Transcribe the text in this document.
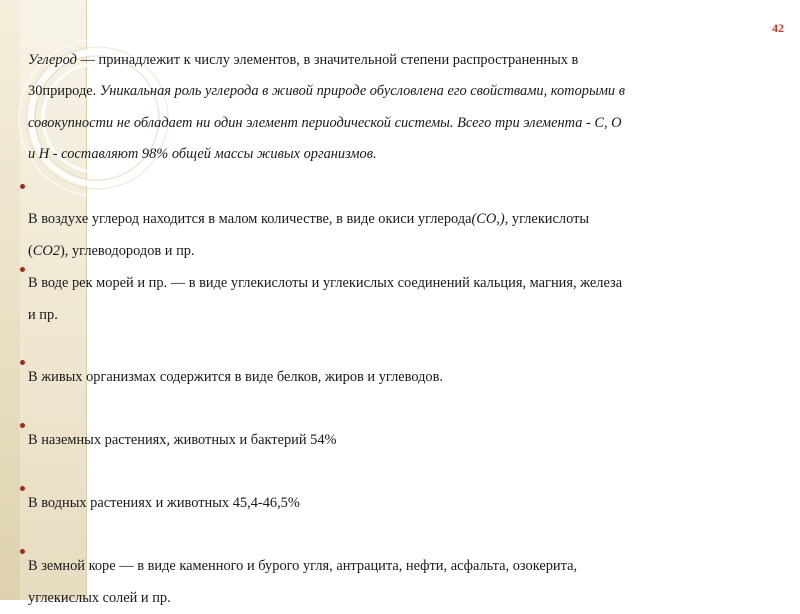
42
Углерод — принадлежит к числу элементов, в значительной степени распространенных в
30природе. Уникальная роль углерода в живой природе обусловлена его свойствами, которыми в
совокупности не обладает ни один элемент периодической системы. Всего три элемента - С, О
и Н - составляют 98% общей массы живых организмов.
В воздухе углерод находится в малом количестве, в виде окиси углерода(СО,), углекислоты
(СО2), углеводородов и пр.
В воде рек морей и пр. — в виде углекислоты и углекислых соединений кальция, магния, железа
и пр.
В живых организмах содержится в виде белков, жиров и углеводов.
В наземных растениях, животных и бактерий 54%
В водных растениях и животных 45,4-46,5%
В земной коре — в виде каменного и бурого угля, антрацита, нефти, асфальта, озокерита,
углекислых солей и пр.
